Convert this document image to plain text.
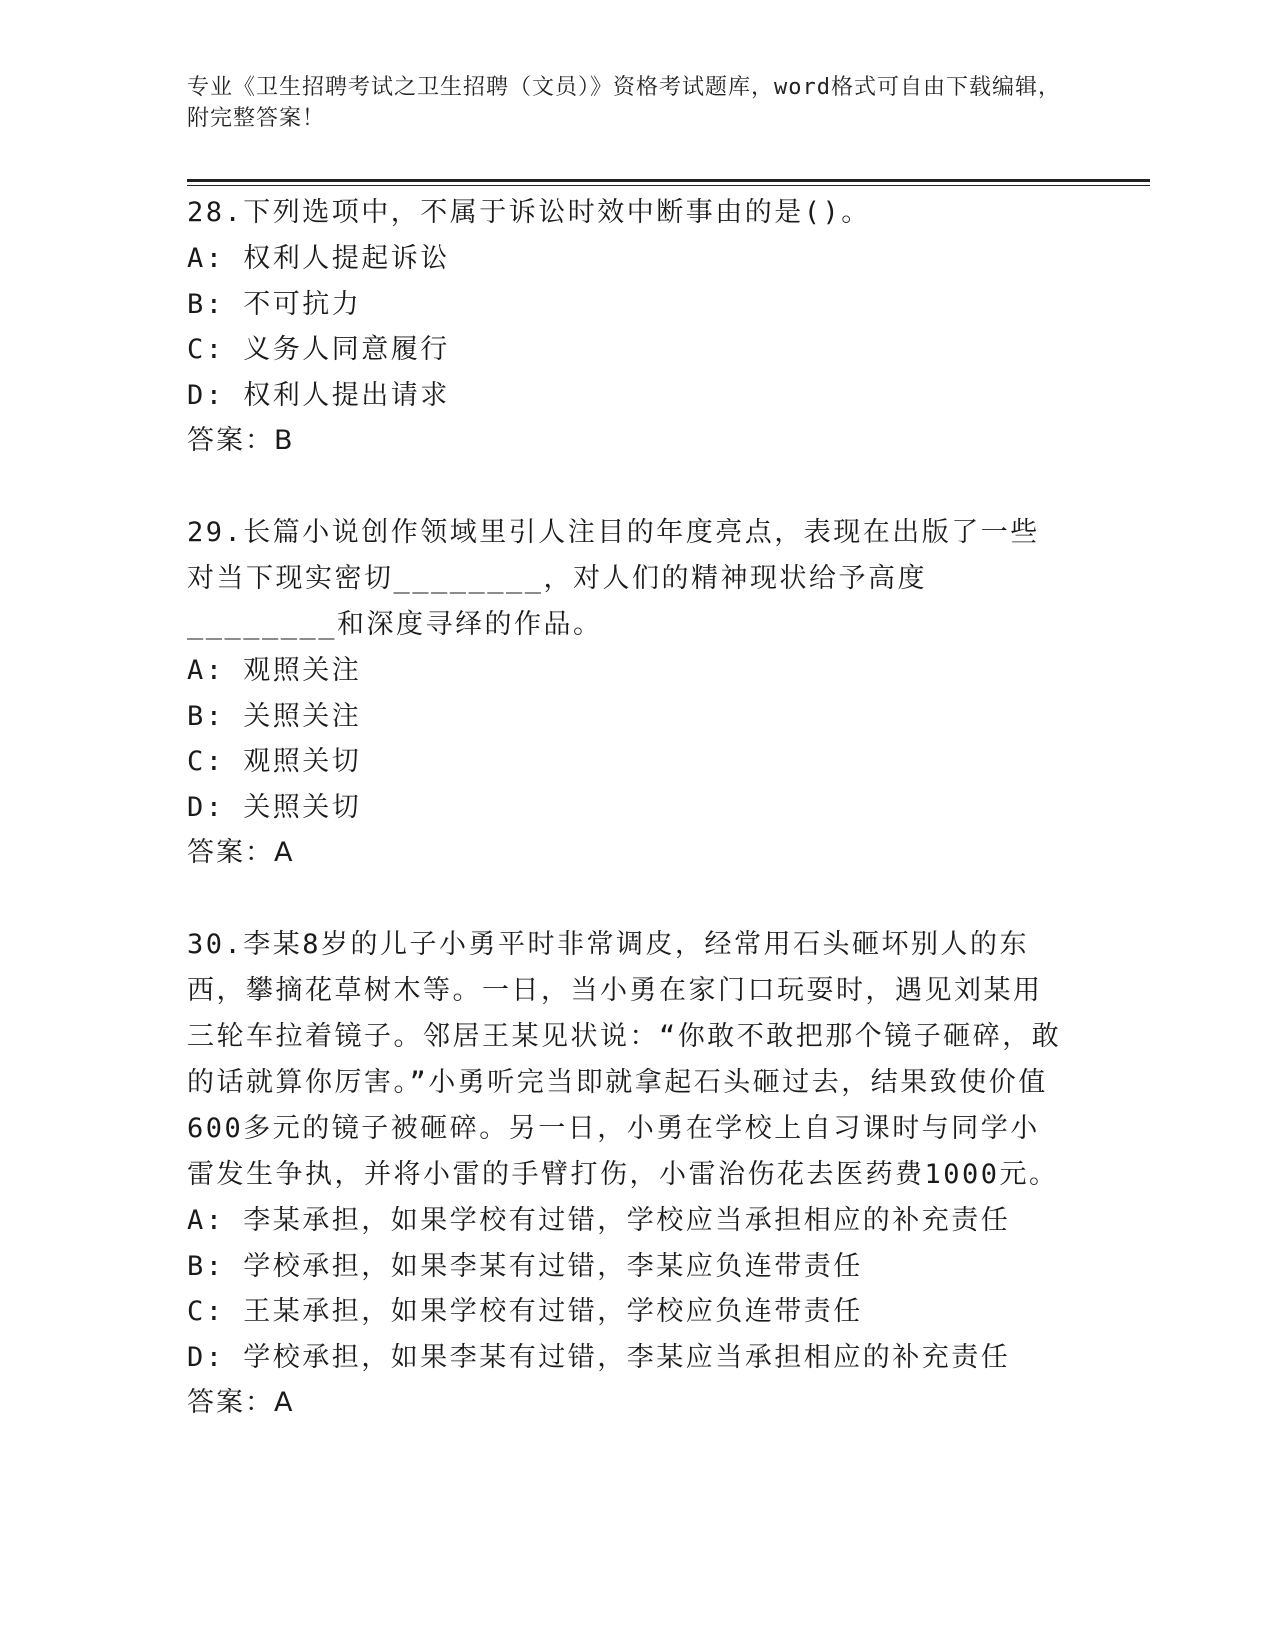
专业《卫生招聘考试之卫生招聘（文员）》资格考试题库，word格式可自由下载编辑，附完整答案！

28.下列选项中，不属于诉讼时效中断事由的是()。

A: 权利人提起诉讼

B: 不可抗力

C: 义务人同意履行

D: 权利人提出请求

答案：B

29.长篇小说创作领域里引人注目的年度亮点，表现在出版了一些对当下现实密切________，对人们的精神现状给予高度________和深度寻绎的作品。

A: 观照关注

B: 关照关注

C: 观照关切

D: 关照关切

答案：A

30.李某8岁的儿子小勇平时非常调皮，经常用石头砸坏别人的东西，攀摘花草树木等。一日，当小勇在家门口玩耍时，遇见刘某用三轮车拉着镜子。邻居王某见状说：“你敢不敢把那个镜子砸碎，敢的话就算你厉害。”小勇听完当即就拿起石头砸过去，结果致使价值600多元的镜子被砸碎。另一日，小勇在学校上自习课时与同学小雷发生争执，并将小雷的手臂打伤，小雷治伤花去医药费1000元。

A: 李某承担，如果学校有过错，学校应当承担相应的补充责任

B: 学校承担，如果李某有过错，李某应负连带责任

C: 王某承担，如果学校有过错，学校应负连带责任

D: 学校承担，如果李某有过错，李某应当承担相应的补充责任

答案：A
